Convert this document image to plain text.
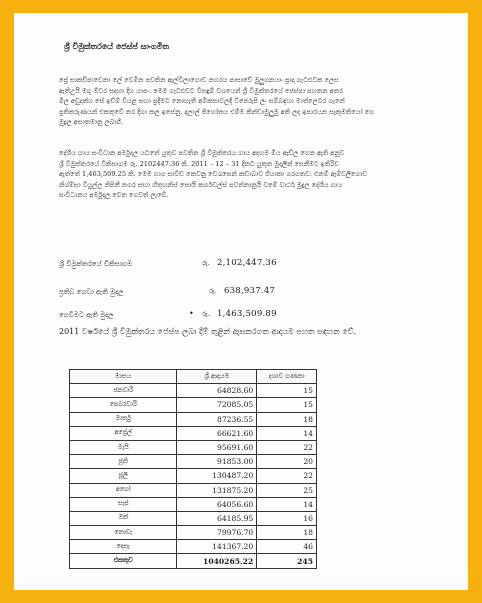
ශ්‍රී විමුක්තරයේ ජෙස්ප් සාංගමිත
ප්‍රේ සාකච්ඡාවෙනා ලේ වෙමින පවතින ඇල්විලාගොඩ නගරය පාසාවේ මුලුගනයාං ප්‍රාදා ගැටළුවක ලෙස
ඇතිඋයි මගු ඕවර සදහා දිග යාපං. මෙම ගැටළුවට විසඳුම් වශයෙන් ශ්‍රී විමුක්තරයේ ජෙස්පා පහතන අතර
මිල අඩුදක්ග සේ ඉඩ්ම් වියළ සහා ප්‍රදීමට නොහැති අමිකසාවලදී විජෙරුපි ලං සම්බඳහා මාත්ලෙවර ගැනේ
ප්‍රතිකරුණයන් එකතුවේ තර දිගා කල ඉසේනු. දලාල් ජිහෝතය එම්ම කින්ඩාමුලුමු අති ලද ඉපාරයන සෑකුමතියෝ ගෙ
මුද්‍රල අසාතමානු ලබාගී.
දේශීය ගාය සංවිධාන අර්මුදල යටතේ යුතුව පවතින ශ්‍රී විමුක්තරය ගාය අදහම මිය ඇඩ්ල ගෙන ඇති අනුව
ශ්‍රී විමුක්තරයේ විකිසාගම රු. 2102447.36 කි. 2011 – 12 – 31 දිනට යුතුත මුදලින් සෙනීමට ඉතිරිව
ඇත්තේ 1,463,509.25 කි. මෙම ගාය සාවිඩ කෙවනු වෙරැසෙන් කඩාබාව ගියාකා ගරගතව. එනම් ඇම්වලිගොඩ
නිශ්ම්සා වියුල්ල නිපිනී නගර සභා හිතුහනිස් සොයි කර්ගඩල්ස් පවත්නානුයි වමේ වාර්ථ මුද්‍රල දේශීය ගාය
සංවිධානය අර්මුදල වෙත ගෙවත් ලැබේ.
ශ්‍රී විමුක්තරයේ විකිසාගම	රු. 2,102,447.36
ප්‍රතිව ගෙවා ඇති මුදල	රු. 638,937.47
ගෙවීමට ඇති මුදල	• රු. 1,463,509.89
2011 වර්ෂයේ ශ්‍රී විමුක්තරය ජෙස්ප ලබා දීම් තුළින් ඇසකරගත ආදායම පහත සඳහන වේ.
මාසය	ශ්‍රී ආදායම	දශාව ගණනා
ජනවාරි	64828.60	15
පෙබරවාරි	72085.05	15
මාර්තු	87236.55	18
අප්‍රේල්	66621.60	14
මැයි	95691.60	22
ජූනි	91853.00	20
ජූලි	130487.20	22
අගෝ	131875.20	25
සැප්	64056.60	14
ඔක්	64185.95	16
නොවැ	79976.70	18
දෙසැ	141367.20	46
එකතුව	1040265.22	245
